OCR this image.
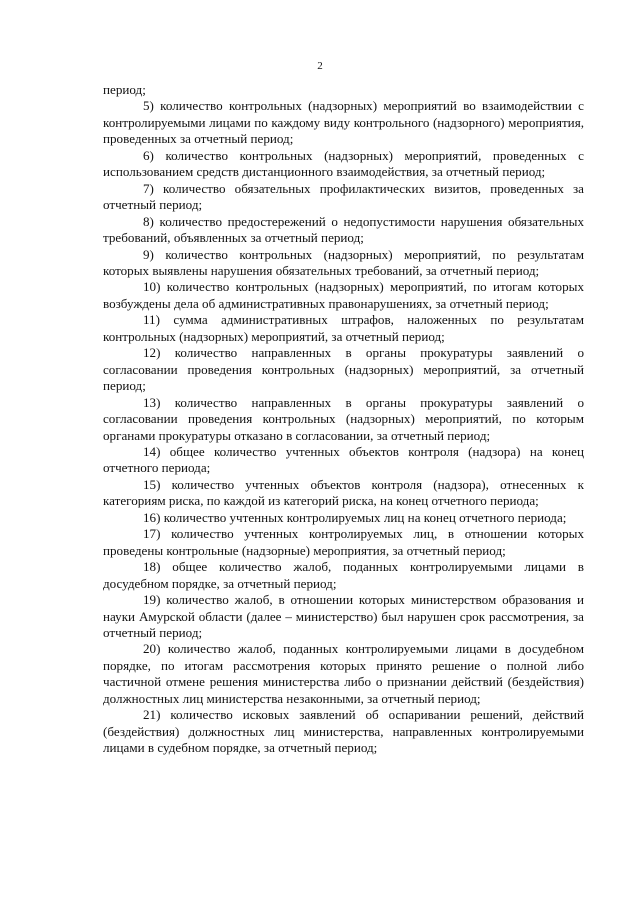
2

период;

5) количество контрольных (надзорных) мероприятий во взаимодействии с контролируемыми лицами по каждому виду контрольного (надзорного) мероприятия, проведенных за отчетный период;

6) количество контрольных (надзорных) мероприятий, проведенных с использованием средств дистанционного взаимодействия, за отчетный период;

7) количество обязательных профилактических визитов, проведенных за отчетный период;

8) количество предостережений о недопустимости нарушения обязательных требований, объявленных за отчетный период;

9) количество контрольных (надзорных) мероприятий, по результатам которых выявлены нарушения обязательных требований, за отчетный период;

10) количество контрольных (надзорных) мероприятий, по итогам которых возбуждены дела об административных правонарушениях, за отчетный период;

11) сумма административных штрафов, наложенных по результатам контрольных (надзорных) мероприятий, за отчетный период;

12) количество направленных в органы прокуратуры заявлений о согласовании проведения контрольных (надзорных) мероприятий, за отчетный период;

13) количество направленных в органы прокуратуры заявлений о согласовании проведения контрольных (надзорных) мероприятий, по которым органами прокуратуры отказано в согласовании, за отчетный период;

14) общее количество учтенных объектов контроля (надзора) на конец отчетного периода;

15) количество учтенных объектов контроля (надзора), отнесенных к категориям риска, по каждой из категорий риска, на конец отчетного периода;

16) количество учтенных контролируемых лиц на конец отчетного периода;

17) количество учтенных контролируемых лиц, в отношении которых проведены контрольные (надзорные) мероприятия, за отчетный период;

18) общее количество жалоб, поданных контролируемыми лицами в досудебном порядке, за отчетный период;

19) количество жалоб, в отношении которых министерством образования и науки Амурской области (далее – министерство) был нарушен срок рассмотрения, за отчетный период;

20) количество жалоб, поданных контролируемыми лицами в досудебном порядке, по итогам рассмотрения которых принято решение о полной либо частичной отмене решения министерства либо о признании действий (бездействия) должностных лиц министерства незаконными, за отчетный период;

21) количество исковых заявлений об оспаривании решений, действий (бездействия) должностных лиц министерства, направленных контролируемыми лицами в судебном порядке, за отчетный период;
